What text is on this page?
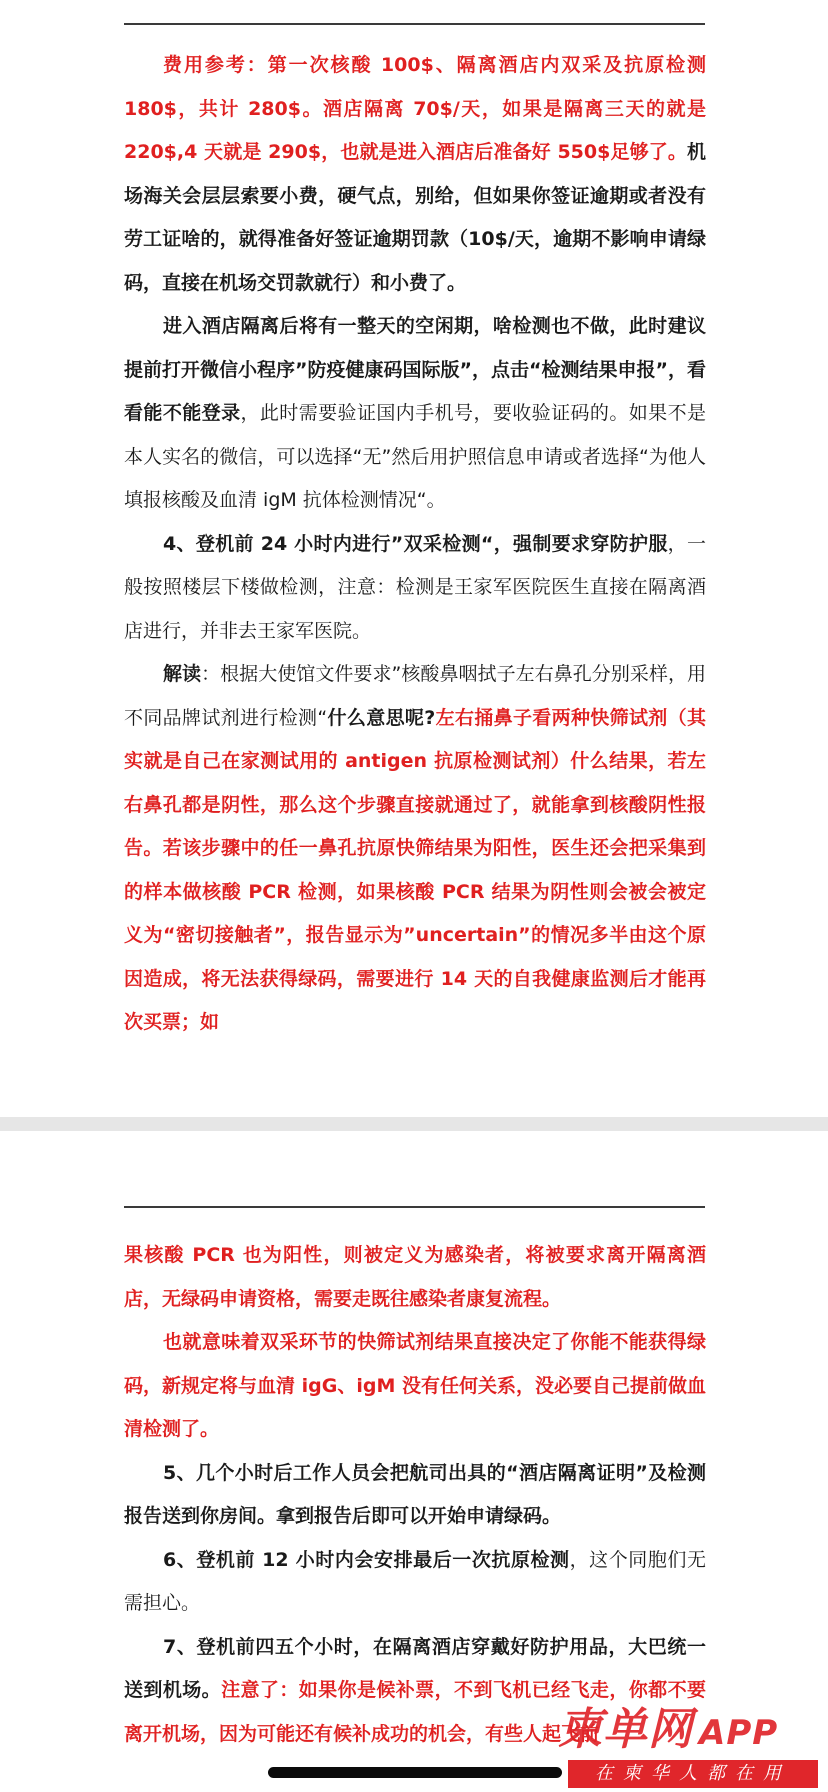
费用参考：第一次核酸 100$、隔离酒店内双采及抗原检测 180$，共计 280$。酒店隔离 70$/天，如果是隔离三天的就是 220$,4 天就是 290$，也就是进入酒店后准备好 550$足够了。机场海关会层层索要小费，硬气点，别给，但如果你签证逾期或者没有劳工证啥的，就得准备好签证逾期罚款（10$/天，逾期不影响申请绿码，直接在机场交罚款就行）和小费了。

进入酒店隔离后将有一整天的空闲期，啥检测也不做，此时建议提前打开微信小程序”防疫健康码国际版”，点击“检测结果申报”，看看能不能登录，此时需要验证国内手机号，要收验证码的。如果不是本人实名的微信，可以选择“无”然后用护照信息申请或者选择“为他人填报核酸及血清 igM 抗体检测情况“。

4、登机前 24 小时内进行”双采检测“，强制要求穿防护服，一般按照楼层下楼做检测，注意：检测是王家军医院医生直接在隔离酒店进行，并非去王家军医院。

解读：根据大使馆文件要求”核酸鼻咽拭子左右鼻孔分别采样，用不同品牌试剂进行检测“什么意思呢?左右捅鼻子看两种快筛试剂（其实就是自己在家测试用的 antigen 抗原检测试剂）什么结果，若左右鼻孔都是阴性，那么这个步骤直接就通过了，就能拿到核酸阴性报告。若该步骤中的任一鼻孔抗原快筛结果为阳性，医生还会把采集到的样本做核酸 PCR 检测，如果核酸 PCR 结果为阴性则会被会被定义为“密切接触者”，报告显示为”uncertain”的情况多半由这个原因造成，将无法获得绿码，需要进行 14 天的自我健康监测后才能再次买票；如

果核酸 PCR 也为阳性，则被定义为感染者，将被要求离开隔离酒店，无绿码申请资格，需要走既往感染者康复流程。

也就意味着双采环节的快筛试剂结果直接决定了你能不能获得绿码，新规定将与血清 igG、igM 没有任何关系，没必要自己提前做血清检测了。

5、几个小时后工作人员会把航司出具的“酒店隔离证明”及检测报告送到你房间。拿到报告后即可以开始申请绿码。

6、登机前 12 小时内会安排最后一次抗原检测，这个同胞们无需担心。

7、登机前四五个小时，在隔离酒店穿戴好防护用品，大巴统一送到机场。注意了：如果你是候补票，不到飞机已经飞走，你都不要离开机场，因为可能还有候补成功的机会，有些人起飞前

柬单网 APP
在柬华人都在用
